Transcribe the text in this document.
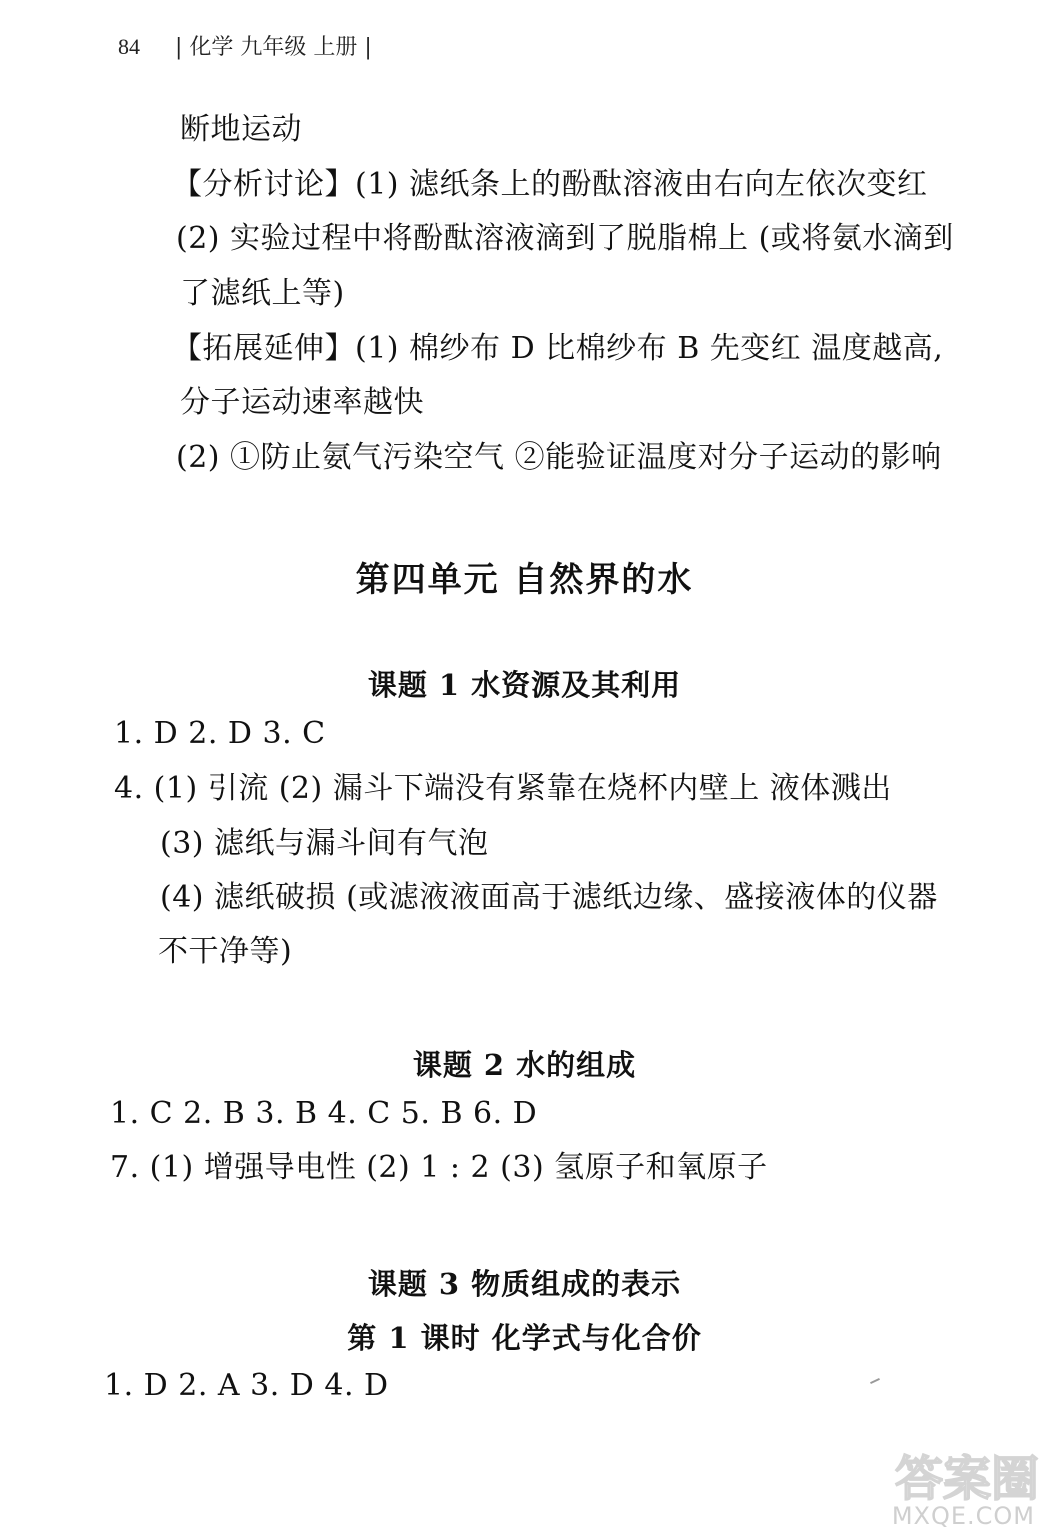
84 | 化学 九年级 上册 |
断地运动
【分析讨论】(1) 滤纸条上的酚酞溶液由右向左依次变红
(2) 实验过程中将酚酞溶液滴到了脱脂棉上 (或将氨水滴到
了滤纸上等)
【拓展延伸】(1) 棉纱布 D 比棉纱布 B 先变红 温度越高,
分子运动速率越快
(2) ①防止氨气污染空气 ②能验证温度对分子运动的影响
第四单元 自然界的水
课题 1 水资源及其利用
1. D 2. D 3. C
4. (1) 引流 (2) 漏斗下端没有紧靠在烧杯内壁上 液体溅出
(3) 滤纸与漏斗间有气泡
(4) 滤纸破损 (或滤液液面高于滤纸边缘、盛接液体的仪器
不干净等)
课题 2 水的组成
1. C 2. B 3. B 4. C 5. B 6. D
7. (1) 增强导电性 (2) 1 : 2 (3) 氢原子和氧原子
课题 3 物质组成的表示
第 1 课时 化学式与化合价
1. D 2. A 3. D 4. D
答案圈
MXQE.COM
